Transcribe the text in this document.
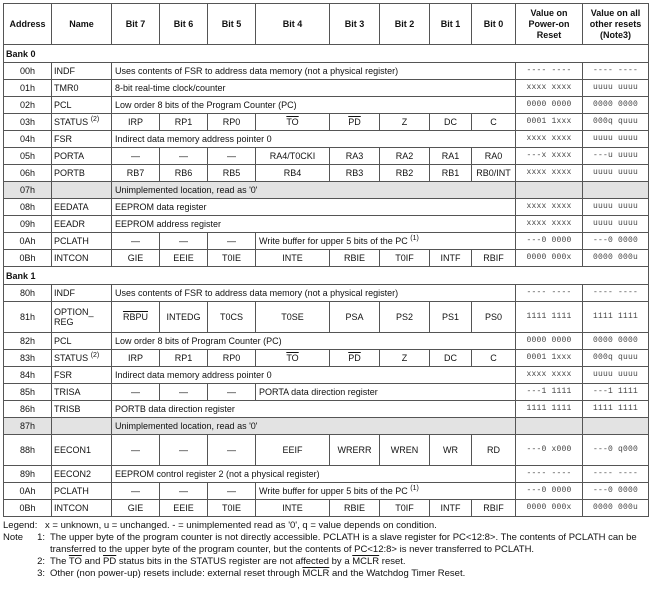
Address	Name	Bit 7	Bit 6	Bit 5	Bit 4	Bit 3	Bit 2	Bit 1	Bit 0	Value on Power-on Reset	Value on all other resets (Note3)
Bank 0											
00h	INDF	Uses contents of FSR to address data memory (not a physical register)								---- ----	---- ----
01h	TMR0	8-bit real-time clock/counter								xxxx xxxx	uuuu uuuu
02h	PCL	Low order 8 bits of the Program Counter (PC)								0000 0000	0000 0000
03h	STATUS $^{(2)}$	IRP	RP1	RP0	$\overline{TO}$	$\overline{PD}$	Z	DC	C	0001 1xxx	000q quuu
04h	FSR	Indirect data memory address pointer 0								xxxx xxxx	uuuu uuuu
05h	PORTA	—	—	—	RA4/T0CKI	RA3	RA2	RA1	RA0	---x xxxx	---u uuuu
06h	PORTB	RB7	RB6	RB5	RB4	RB3	RB2	RB1	RB0/INT	xxxx xxxx	uuuu uuuu
07h		Unimplemented location, read as '0'									
08h	EEDATA	EEPROM data register								xxxx xxxx	uuuu uuuu
09h	EEADR	EEPROM address register								xxxx xxxx	uuuu uuuu
0Ah	PCLATH	—	—	—	Write buffer for upper 5 bits of the PC $^{(1)}$					---0 0000	---0 0000
0Bh	INTCON	GIE	EEIE	T0IE	INTE	RBIE	T0IF	INTF	RBIF	0000 000x	0000 000u
Bank 1											
80h	INDF	Uses contents of FSR to address data memory (not a physical register)								---- ----	---- ----
81h	OPTION_ REG	RBPU	INTEDG	T0CS	T0SE	PSA	PS2	PS1	PS0	1111 1111	1111 1111
82h	PCL	Low order 8 bits of Program Counter (PC)								0000 0000	0000 0000
83h	STATUS $^{(2)}$	IRP	RP1	RP0	$\overline{TO}$	$\overline{PD}$	Z	DC	C	0001 1xxx	000q quuu
84h	FSR	Indirect data memory address pointer 0								xxxx xxxx	uuuu uuuu
85h	TRISA	—	—	—	PORTA data direction register					---1 1111	---1 1111
86h	TRISB	PORTB data direction register								1111 1111	1111 1111
87h		Unimplemented location, read as '0'									
88h	EECON1	—	—	—	EEIF	WRERR	WREN	WR	RD	---0 x000	---0 q000
89h	EECON2	EEPROM control register 2 (not a physical register)								---- ----	---- ----
0Ah	PCLATH	—	—	—	Write buffer for upper 5 bits of the PC $^{(1)}$					---0 0000	---0 0000
0Bh	INTCON	GIE	EEIE	T0IE	INTE	RBIE	T0IF	INTF	RBIF	0000 000x	0000 000u
Legend: x = unknown, u = unchanged. - = unimplemented read as '0', q = value depends on condition.
Note	1: The upper byte of the program counter is not directly accessible. PCLATH is a slave register for PC<12:8>. The contents of PCLATH can be transferred to the upper byte of the program counter, but the contents of PC<12:8> is never transferred to PCLATH.
2: The $\overline{TO}$ and $\overline{PD}$ status bits in the STATUS register are not affected by a MCLR reset.
3: Other (non power-up) resets include: external reset through MCLR and the Watchdog Timer Reset.
